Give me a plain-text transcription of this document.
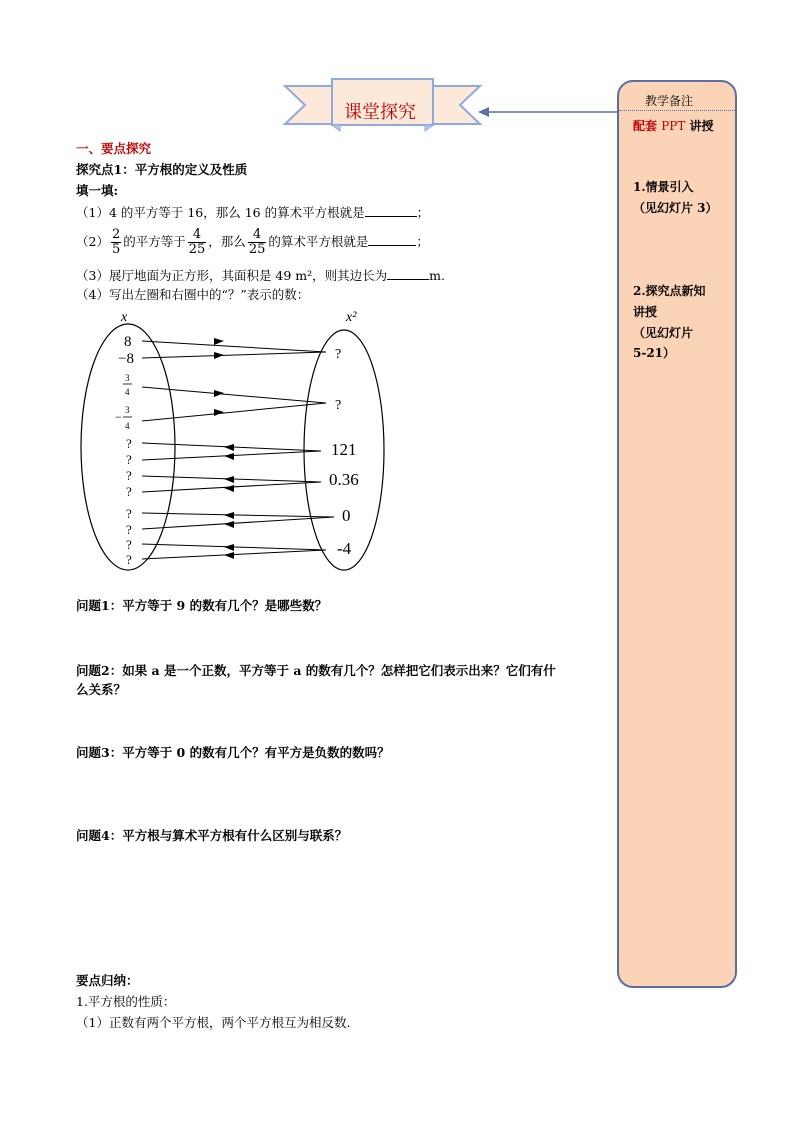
课堂探究
一、要点探究
探究点1：平方根的定义及性质
填一填:
（1）4 的平方等于 16，那么 16 的算术平方根就是	；
$(2) \frac{2}{5}$ 的平方等于 $\frac{4}{25}$ ，那么 $\frac{4}{25}$ 的算术平方根就是	；
（3）展厅地面为正方形，其面积是 49 m²，则其边长为	m.
（4）写出左圈和右圈中的“？”表示的数：
x	x²
8
−8
3
4
− 3
4
?
?
?
?
?
?
?
?
?
?
121
0.36
0
-4
问题1：平方等于 9 的数有几个？是哪些数？
问题2：如果 a 是一个正数，平方等于 a 的数有几个？怎样把它们表示出来？它们有什
么关系？
问题3：平方等于 0 的数有几个？有平方是负数的数吗？
问题4：平方根与算术平方根有什么区别与联系？
要点归纳：
1.平方根的性质：
（1）正数有两个平方根，两个平方根互为相反数.
教学备注
配套 PPT 讲授
1.情景引入
（见幻灯片 3）
2.探究点新知
讲授
（见幻灯片
5-21）
